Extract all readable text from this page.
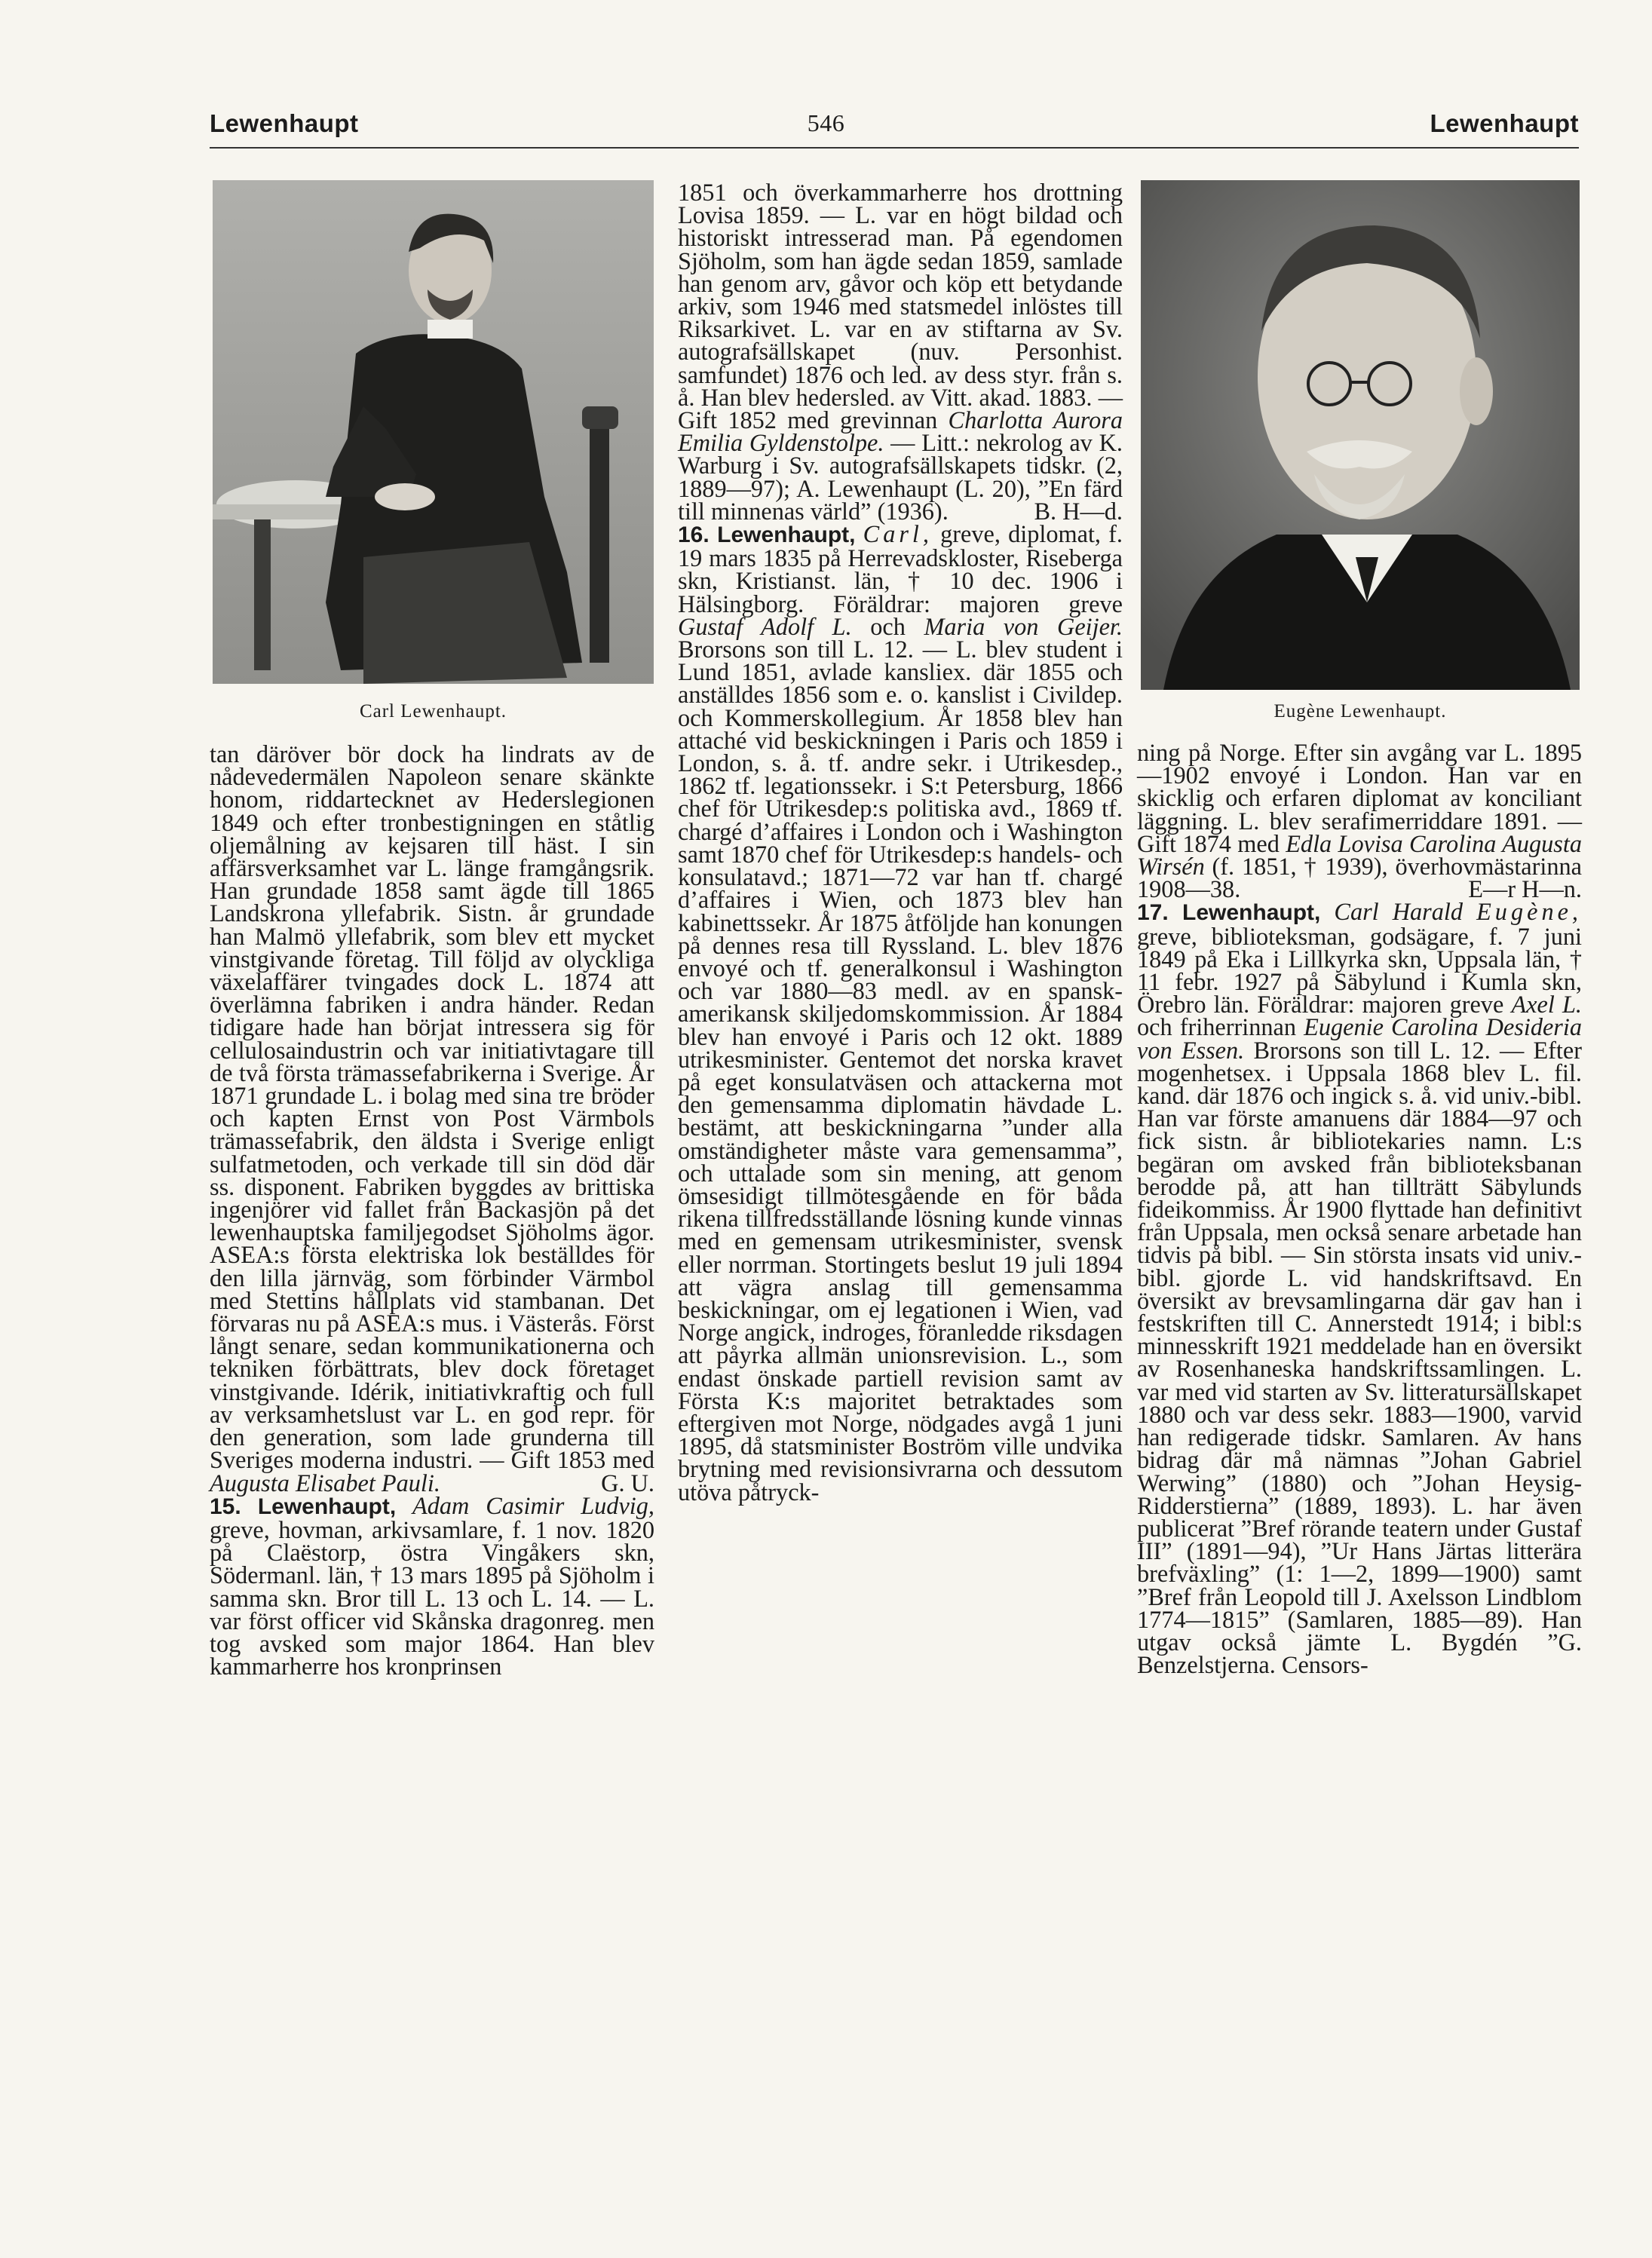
Lewenhaupt	546	Lewenhaupt
Carl Lewenhaupt.	Eugène Lewenhaupt.

tan däröver bör dock ha lindrats av de nådevedermälen Napoleon senare skänkte honom, riddartecknet av Hederslegionen 1849 och efter tronbestigningen en ståtlig oljemålning av kejsaren till häst. I sin affärsverksamhet var L. länge framgångsrik. Han grundade 1858 samt ägde till 1865 Landskrona yllefabrik. Sistn. år grundade han Malmö yllefabrik, som blev ett mycket vinstgivande företag. Till följd av olyckliga växelaffärer tvingades dock L. 1874 att överlämna fabriken i andra händer. Redan tidigare hade han börjat intressera sig för cellulosaindustrin och var initiativtagare till de två första trämassefabrikerna i Sverige. År 1871 grundade L. i bolag med sina tre bröder och kapten Ernst von Post Värmbols trämassefabrik, den äldsta i Sverige enligt sulfatmetoden, och verkade till sin död där ss. disponent. Fabriken byggdes av brittiska ingenjörer vid fallet från Backasjön på det lewenhauptska familjegodset Sjöholms ägor. ASEA:s första elektriska lok beställdes för den lilla järnväg, som förbinder Värmbol med Stettins hållplats vid stambanan. Det förvaras nu på ASEA:s mus. i Västerås. Först långt senare, sedan kommunikationerna och tekniken förbättrats, blev dock företaget vinstgivande. Idérik, initiativkraftig och full av verksamhetslust var L. en god repr. för den generation, som lade grunderna till Sveriges moderna industri. — Gift 1853 med Augusta Elisabet Pauli.	G. U.

15. Lewenhaupt, Adam Casimir Ludvig, greve, hovman, arkivsamlare, f. 1 nov. 1820 på Claëstorp, östra Vingåkers skn, Södermanl. län, † 13 mars 1895 på Sjöholm i samma skn. Bror till L. 13 och L. 14. — L. var först officer vid Skånska dragonreg. men tog avsked som major 1864. Han blev kammarherre hos kronprinsen

1851 och överkammarherre hos drottning Lovisa 1859. — L. var en högt bildad och historiskt intresserad man. På egendomen Sjöholm, som han ägde sedan 1859, samlade han genom arv, gåvor och köp ett betydande arkiv, som 1946 med statsmedel inlöstes till Riksarkivet. L. var en av stiftarna av Sv. autografsällskapet (nuv. Personhist. samfundet) 1876 och led. av dess styr. från s. å. Han blev hedersled. av Vitt. akad. 1883. — Gift 1852 med grevinnan Charlotta Aurora Emilia Gyldenstolpe. — Litt.: nekrolog av K. Warburg i Sv. autografsällskapets tidskr. (2, 1889—97); A. Lewenhaupt (L. 20), ”En färd till minnenas värld” (1936).	B. H—d.

16. Lewenhaupt, Carl, greve, diplomat, f. 19 mars 1835 på Herrevadskloster, Riseberga skn, Kristianst. län, † 10 dec. 1906 i Hälsingborg. Föräldrar: majoren greve Gustaf Adolf L. och Maria von Geijer. Brorsons son till L. 12. — L. blev student i Lund 1851, avlade kansliex. där 1855 och anställdes 1856 som e. o. kanslist i Civildep. och Kommerskollegium. År 1858 blev han attaché vid beskickningen i Paris och 1859 i London, s. å. tf. andre sekr. i Utrikesdep., 1862 tf. legationssekr. i S:t Petersburg, 1866 chef för Utrikesdep:s politiska avd., 1869 tf. chargé d’affaires i London och i Washington samt 1870 chef för Utrikesdep:s handels- och konsulatavd.; 1871—72 var han tf. chargé d’affaires i Wien, och 1873 blev han kabinettssekr. År 1875 åtföljde han konungen på dennes resa till Ryssland. L. blev 1876 envoyé och tf. generalkonsul i Washington och var 1880—83 medl. av en spansk-amerikansk skiljedomskommission. År 1884 blev han envoyé i Paris och 12 okt. 1889 utrikesminister. Gentemot det norska kravet på eget konsulatväsen och attackerna mot den gemensamma diplomatin hävdade L. bestämt, att beskickningarna ”under alla omständigheter måste vara gemensamma”, och uttalade som sin mening, att genom ömsesidigt tillmötesgående en för båda rikena tillfredsställande lösning kunde vinnas med en gemensam utrikesminister, svensk eller norrman. Stortingets beslut 19 juli 1894 att vägra anslag till gemensamma beskickningar, om ej legationen i Wien, vad Norge angick, indroges, föranledde riksdagen att påyrka allmän unionsrevision. L., som endast önskade partiell revision samt av Första K:s majoritet betraktades som eftergiven mot Norge, nödgades avgå 1 juni 1895, då statsminister Boström ville undvika brytning med revisionsivrarna och dessutom utöva påtryck-

ning på Norge. Efter sin avgång var L. 1895—1902 envoyé i London. Han var en skicklig och erfaren diplomat av konciliant läggning. L. blev serafimerriddare 1891. — Gift 1874 med Edla Lovisa Carolina Augusta Wirsén (f. 1851, † 1939), överhovmästarinna 1908—38.	E—r H—n.

17. Lewenhaupt, Carl Harald Eugène, greve, biblioteksman, godsägare, f. 7 juni 1849 på Eka i Lillkyrka skn, Uppsala län, † 11 febr. 1927 på Säbylund i Kumla skn, Örebro län. Föräldrar: majoren greve Axel L. och friherrinnan Eugenie Carolina Desideria von Essen. Brorsons son till L. 12. — Efter mogenhetsex. i Uppsala 1868 blev L. fil. kand. där 1876 och ingick s. å. vid univ.-bibl. Han var förste amanuens där 1884—97 och fick sistn. år bibliotekaries namn. L:s begäran om avsked från biblioteksbanan berodde på, att han tillträtt Säbylunds fideikommiss. År 1900 flyttade han definitivt från Uppsala, men också senare arbetade han tidvis på bibl. — Sin största insats vid univ.-bibl. gjorde L. vid handskriftsavd. En översikt av brevsamlingarna där gav han i festskriften till C. Annerstedt 1914; i bibl:s minnesskrift 1921 meddelade han en översikt av Rosenhaneska handskriftssamlingen. L. var med vid starten av Sv. litteratursällskapet 1880 och var dess sekr. 1883—1900, varvid han redigerade tidskr. Samlaren. Av hans bidrag där må nämnas ”Johan Gabriel Werwing” (1880) och ”Johan Heysig-Ridderstierna” (1889, 1893). L. har även publicerat ”Bref rörande teatern under Gustaf III” (1891—94), ”Ur Hans Järtas litterära brefväxling” (1: 1—2, 1899—1900) samt ”Bref från Leopold till J. Axelsson Lindblom 1774—1815” (Samlaren, 1885—89). Han utgav också jämte L. Bygdén ”G. Benzelstjerna. Censors-
